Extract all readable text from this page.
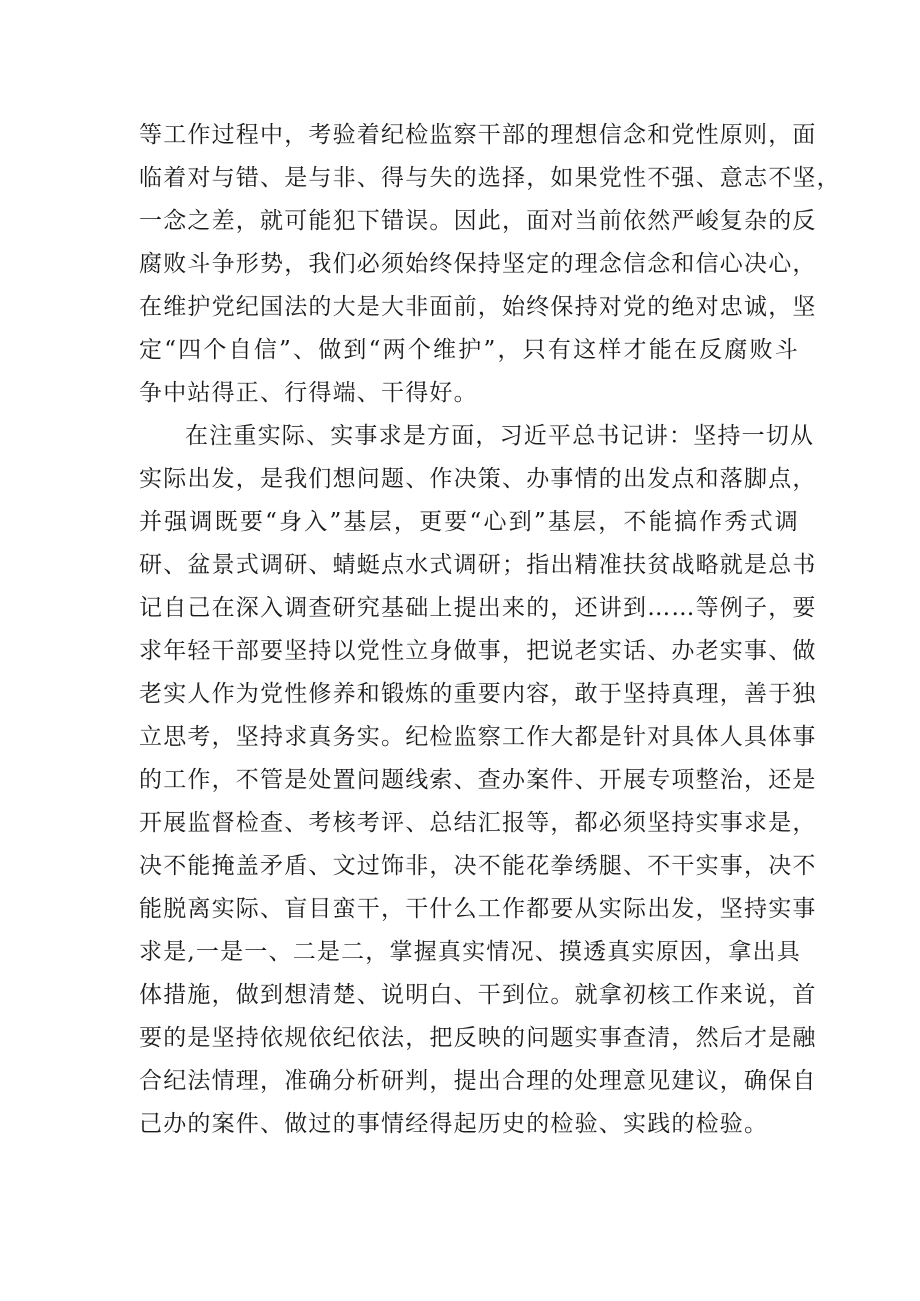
等工作过程中，考验着纪检监察干部的理想信念和党性原则，面
临着对与错、是与非、得与失的选择，如果党性不强、意志不坚，
一念之差，就可能犯下错误。因此，面对当前依然严峻复杂的反
腐败斗争形势，我们必须始终保持坚定的理念信念和信心决心，
在维护党纪国法的大是大非面前，始终保持对党的绝对忠诚，坚
定“四个自信”、做到“两个维护”，只有这样才能在反腐败斗
争中站得正、行得端、干得好。
在注重实际、实事求是方面，习近平总书记讲：坚持一切从
实际出发，是我们想问题、作决策、办事情的出发点和落脚点，
并强调既要“身入”基层，更要“心到”基层，不能搞作秀式调
研、盆景式调研、蜻蜓点水式调研；指出精准扶贫战略就是总书
记自己在深入调查研究基础上提出来的，还讲到……等例子，要
求年轻干部要坚持以党性立身做事，把说老实话、办老实事、做
老实人作为党性修养和锻炼的重要内容，敢于坚持真理，善于独
立思考，坚持求真务实。纪检监察工作大都是针对具体人具体事
的工作，不管是处置问题线索、查办案件、开展专项整治，还是
开展监督检查、考核考评、总结汇报等，都必须坚持实事求是，
决不能掩盖矛盾、文过饰非，决不能花拳绣腿、不干实事，决不
能脱离实际、盲目蛮干，干什么工作都要从实际出发，坚持实事
求是,一是一、二是二，掌握真实情况、摸透真实原因，拿出具
体措施，做到想清楚、说明白、干到位。就拿初核工作来说，首
要的是坚持依规依纪依法，把反映的问题实事查清，然后才是融
合纪法情理，准确分析研判，提出合理的处理意见建议，确保自
己办的案件、做过的事情经得起历史的检验、实践的检验。
